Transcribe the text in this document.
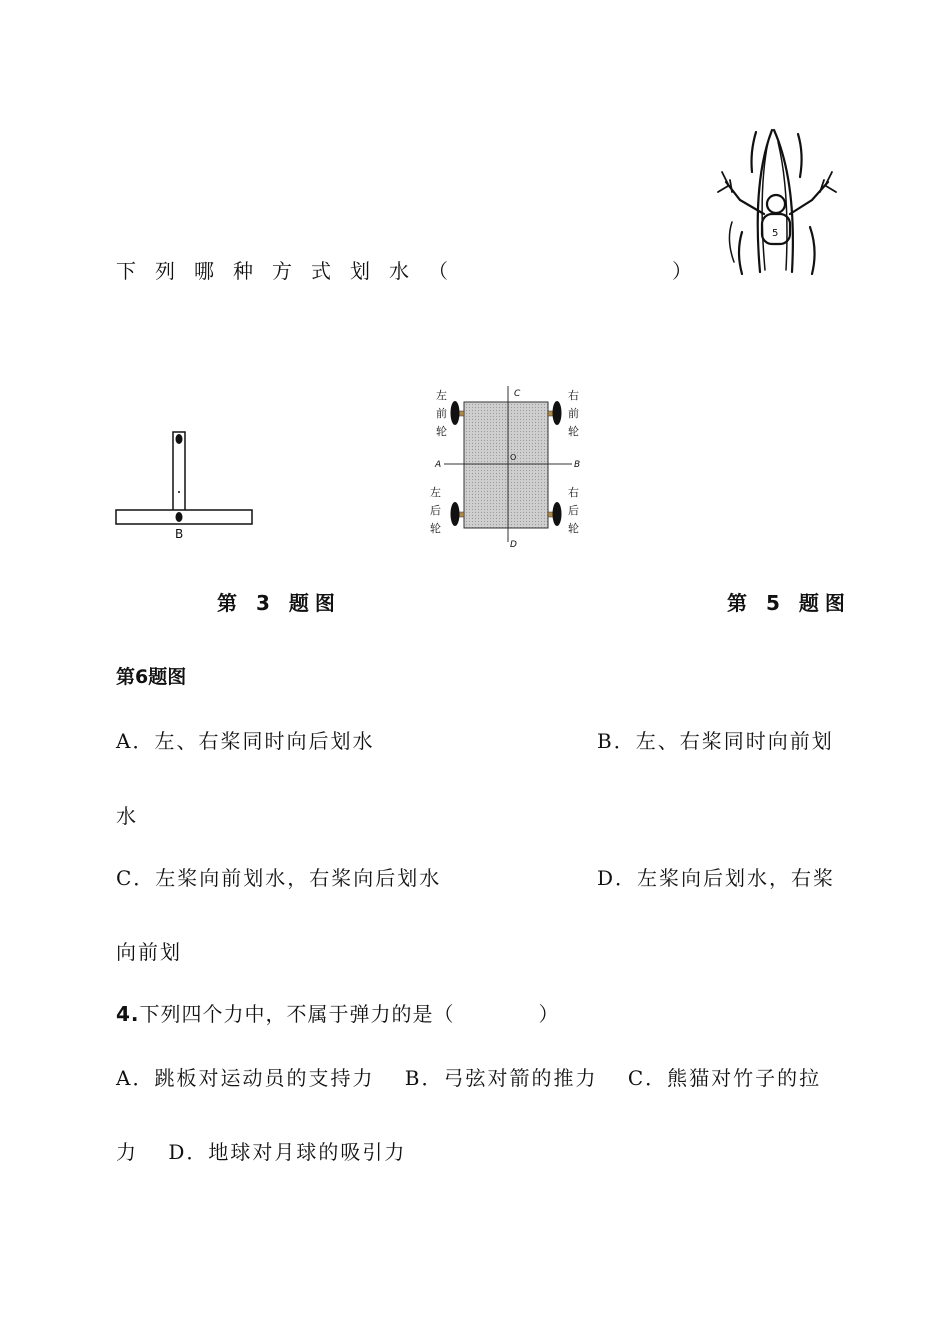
下列哪种方式划水（	）
5
B
C
D
A	B
O
左
前
轮
右
前
轮
左
后
轮
右
后
轮
第 3 题图	第 5 题图
第6题图
A．左、右桨同时向后划水	B．左、右桨同时向前划
水
C．左桨向前划水，右桨向后划水	D．左桨向后划水，右桨
向前划
4.下列四个力中，不属于弹力的是（　　　　）
A．跳板对运动员的支持力　 B．弓弦对箭的推力　 C．熊猫对竹子的拉
力　 D．地球对月球的吸引力
